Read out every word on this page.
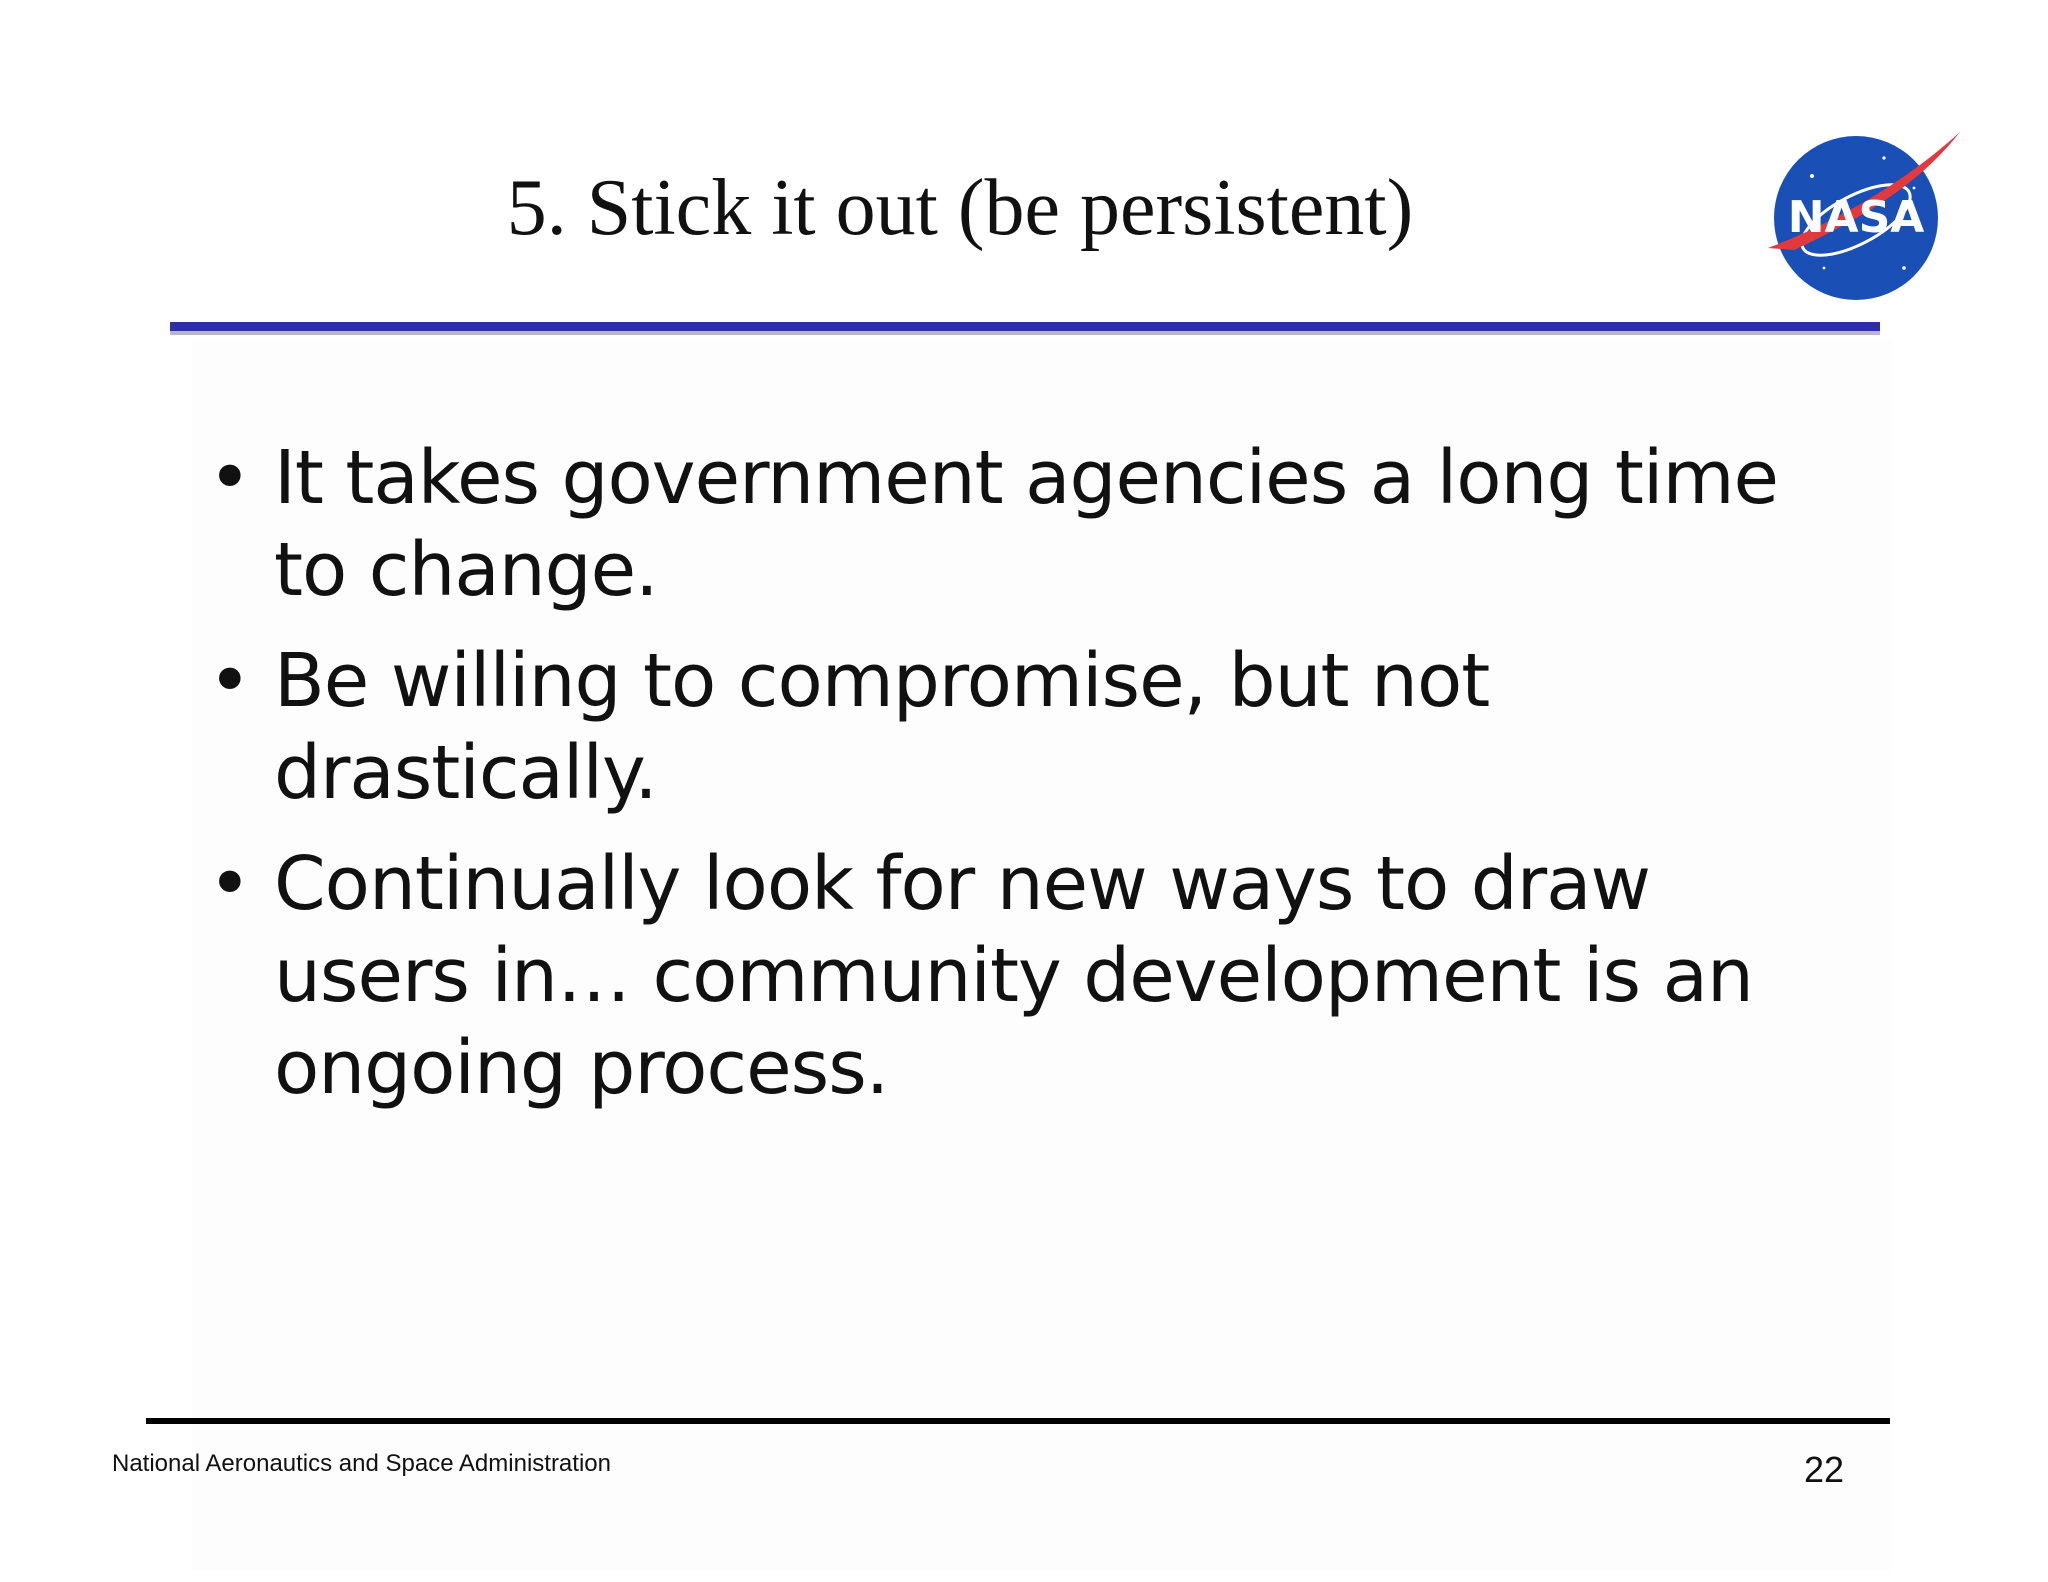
5. Stick it out (be persistent)	NASA
• It takes government agencies a long time to change.
• Be willing to compromise, but not drastically.
• Continually look for new ways to draw users in… community development is an ongoing process.
National Aeronautics and Space Administration	22
